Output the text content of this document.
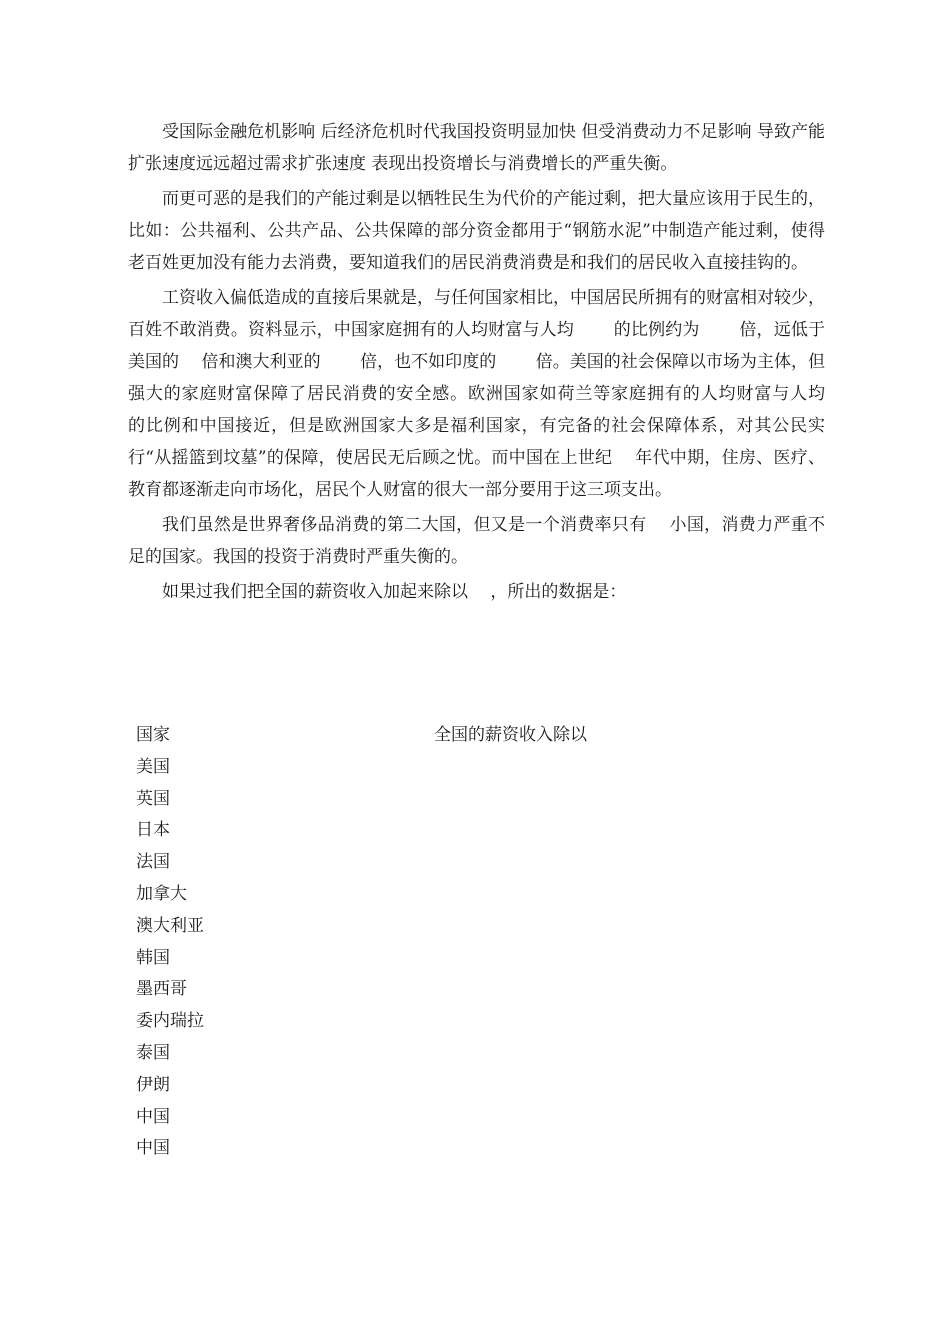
受国际金融危机影响 后经济危机时代我国投资明显加快 但受消费动力不足影响 导致产能扩张速度远远超过需求扩张速度 表现出投资增长与消费增长的严重失衡。

而更可恶的是我们的产能过剩是以牺牲民生为代价的产能过剩，把大量应该用于民生的，比如：公共福利、公共产品、公共保障的部分资金都用于“钢筋水泥”中制造产能过剩，使得老百姓更加没有能力去消费，要知道我们的居民消费消费是和我们的居民收入直接挂钩的。

工资收入偏低造成的直接后果就是，与任何国家相比，中国居民所拥有的财富相对较少，百姓不敢消费。资料显示，中国家庭拥有的人均财富与人均　　 的比例约为　　 倍，远低于美国的　 倍和澳大利亚的　　 倍，也不如印度的　　 倍。美国的社会保障以市场为主体，但强大的家庭财富保障了居民消费的安全感。欧洲国家如荷兰等家庭拥有的人均财富与人均　　 的比例和中国接近，但是欧洲国家大多是福利国家，有完备的社会保障体系，对其公民实行“从摇篮到坟墓”的保障，使居民无后顾之忧。而中国在上世纪　 年代中期，住房、医疗、教育都逐渐走向市场化，居民个人财富的很大一部分要用于这三项支出。

我们虽然是世界奢侈品消费的第二大国，但又是一个消费率只有　 小国，消费力严重不足的国家。我国的投资于消费时严重失衡的。

如果过我们把全国的薪资收入加起来除以　 ，所出的数据是：

国家	全国的薪资收入除以
美国
英国
日本
法国
加拿大
澳大利亚
韩国
墨西哥
委内瑞拉
泰国
伊朗
中国
中国
